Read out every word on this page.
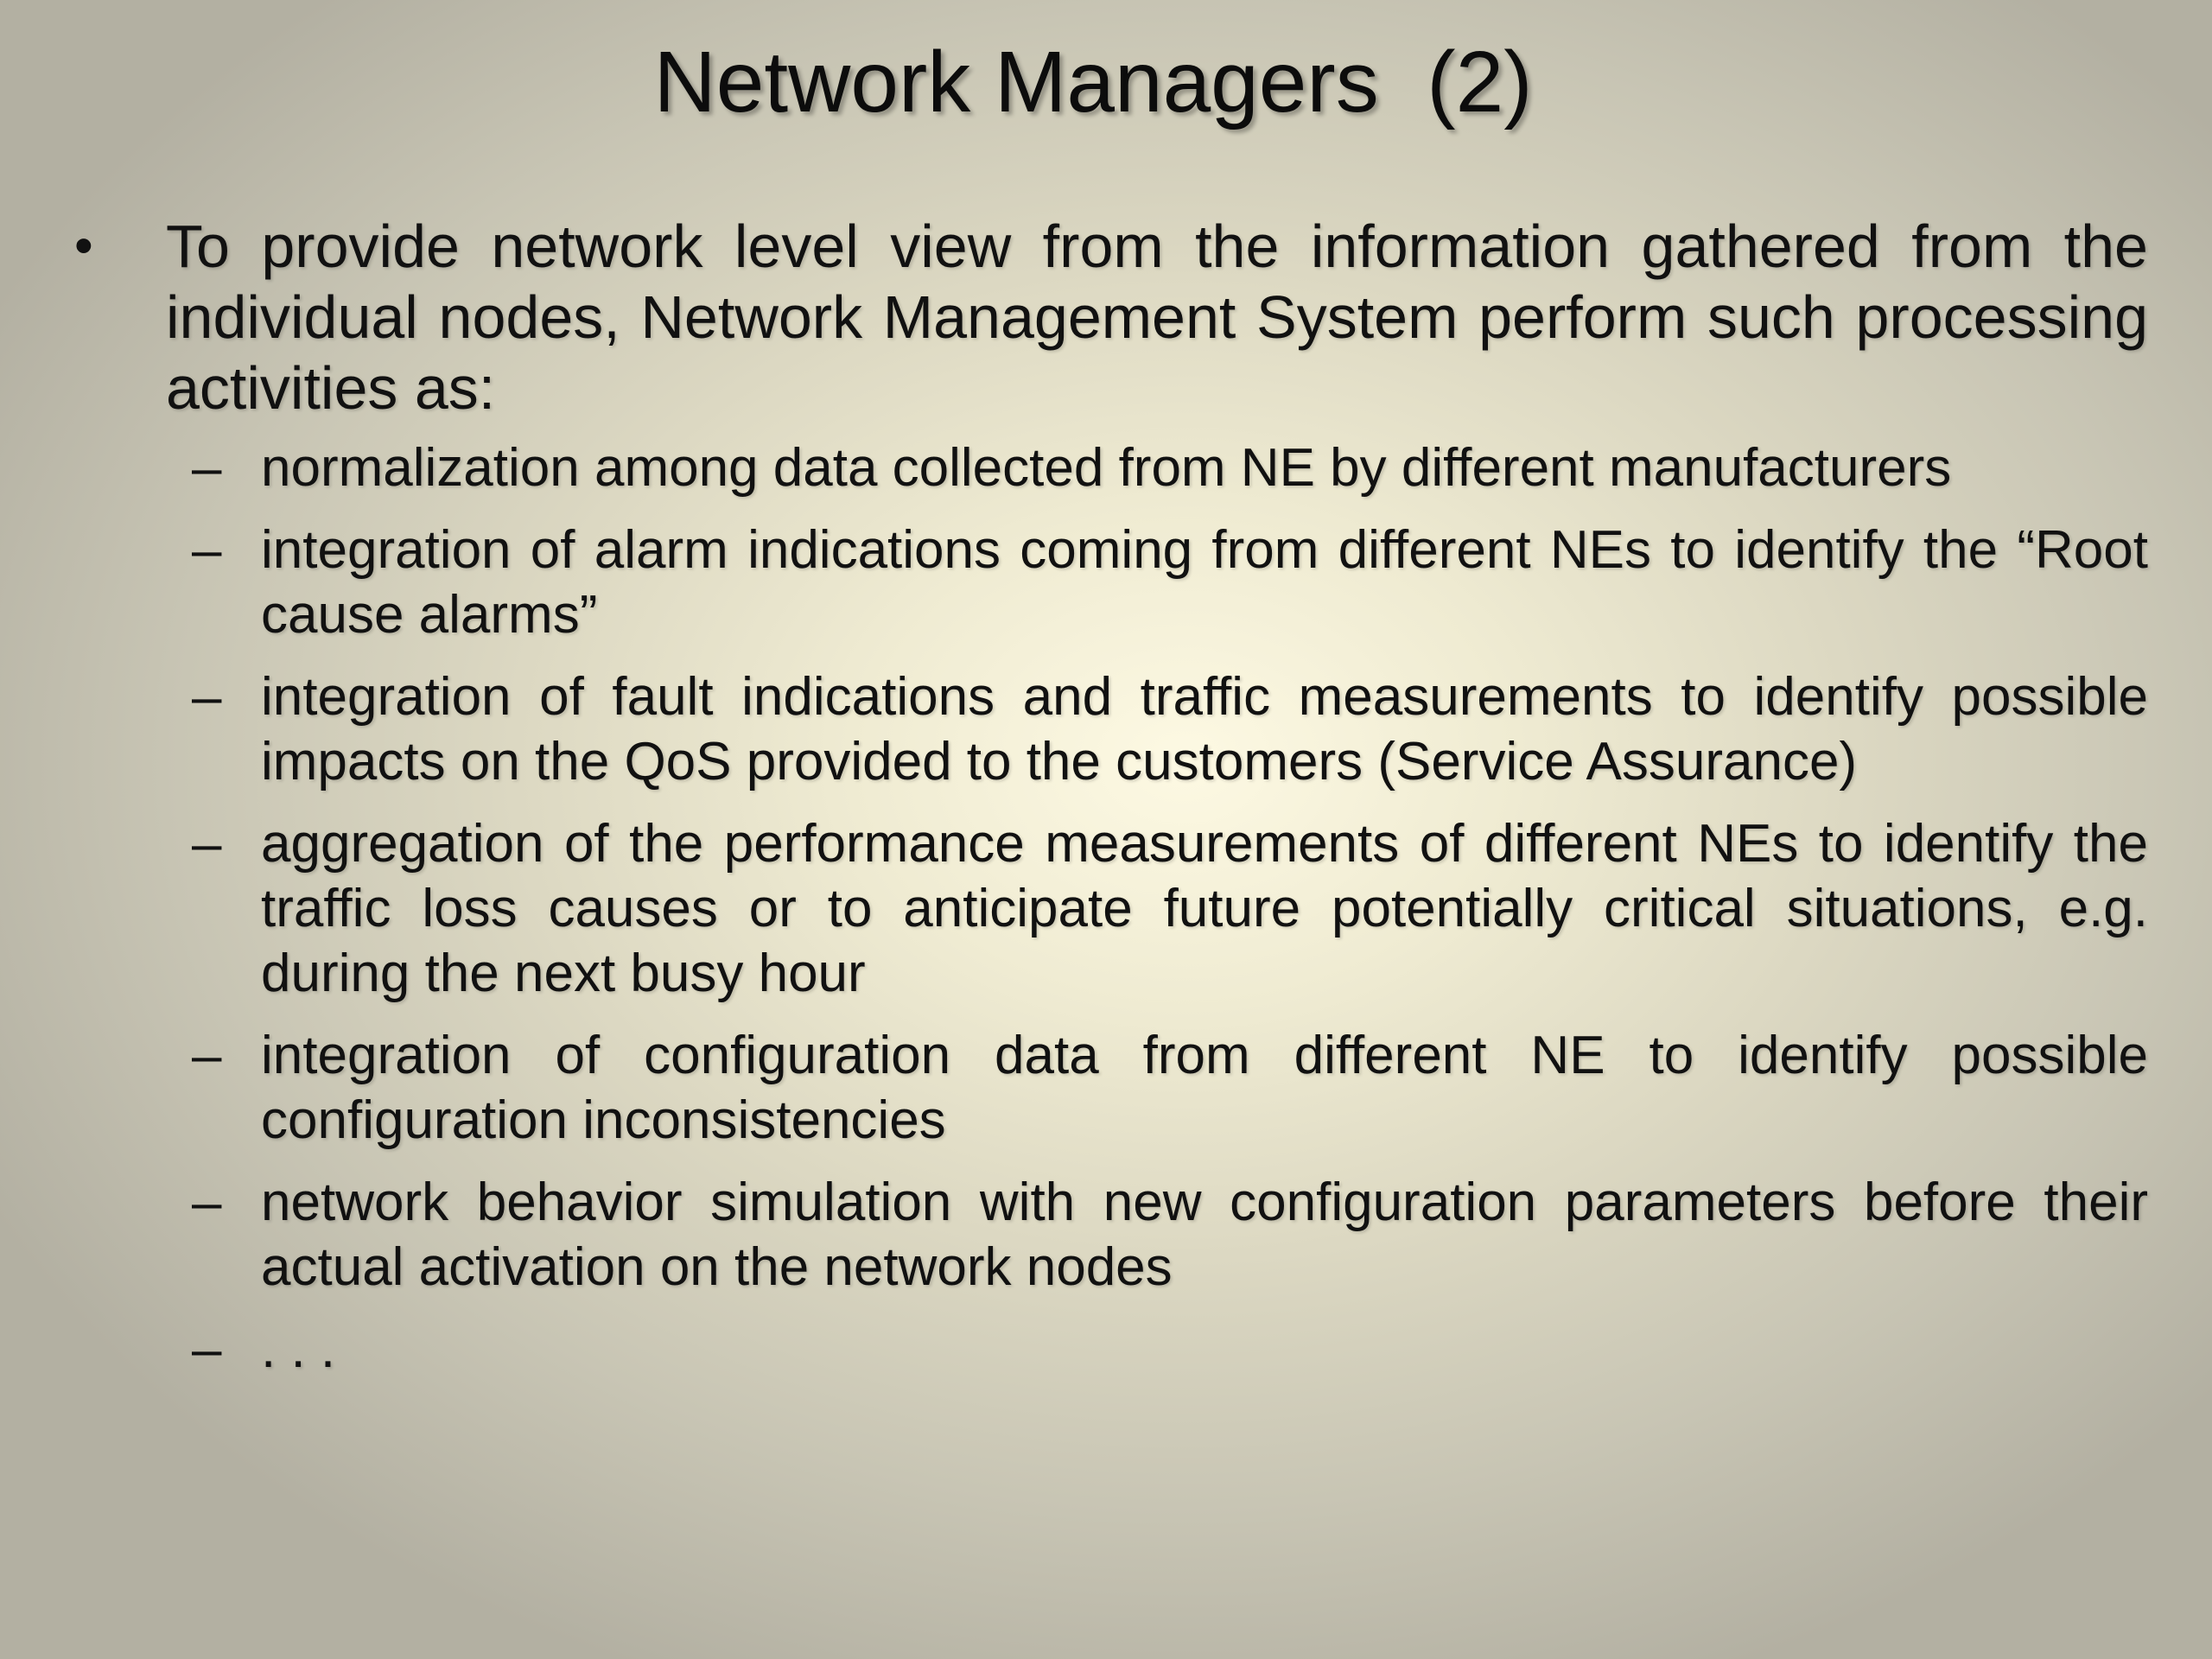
Network Managers  (2)
•	To provide network level view from the information gathered from the individual nodes, Network Management System perform such processing activities as:
– normalization among data collected from NE by different manufacturers
– integration of alarm indications coming from different NEs to identify the “Root cause alarms”
– integration of fault indications and traffic measurements to identify possible impacts on the QoS provided to the customers (Service Assurance)
– aggregation of the performance measurements of different NEs to identify the traffic loss causes or to anticipate future potentially critical situations, e.g. during the next busy hour
– integration of configuration data from different NE to identify possible configuration inconsistencies
– network behavior simulation with new configuration parameters before their actual activation on the network nodes
– . . .
